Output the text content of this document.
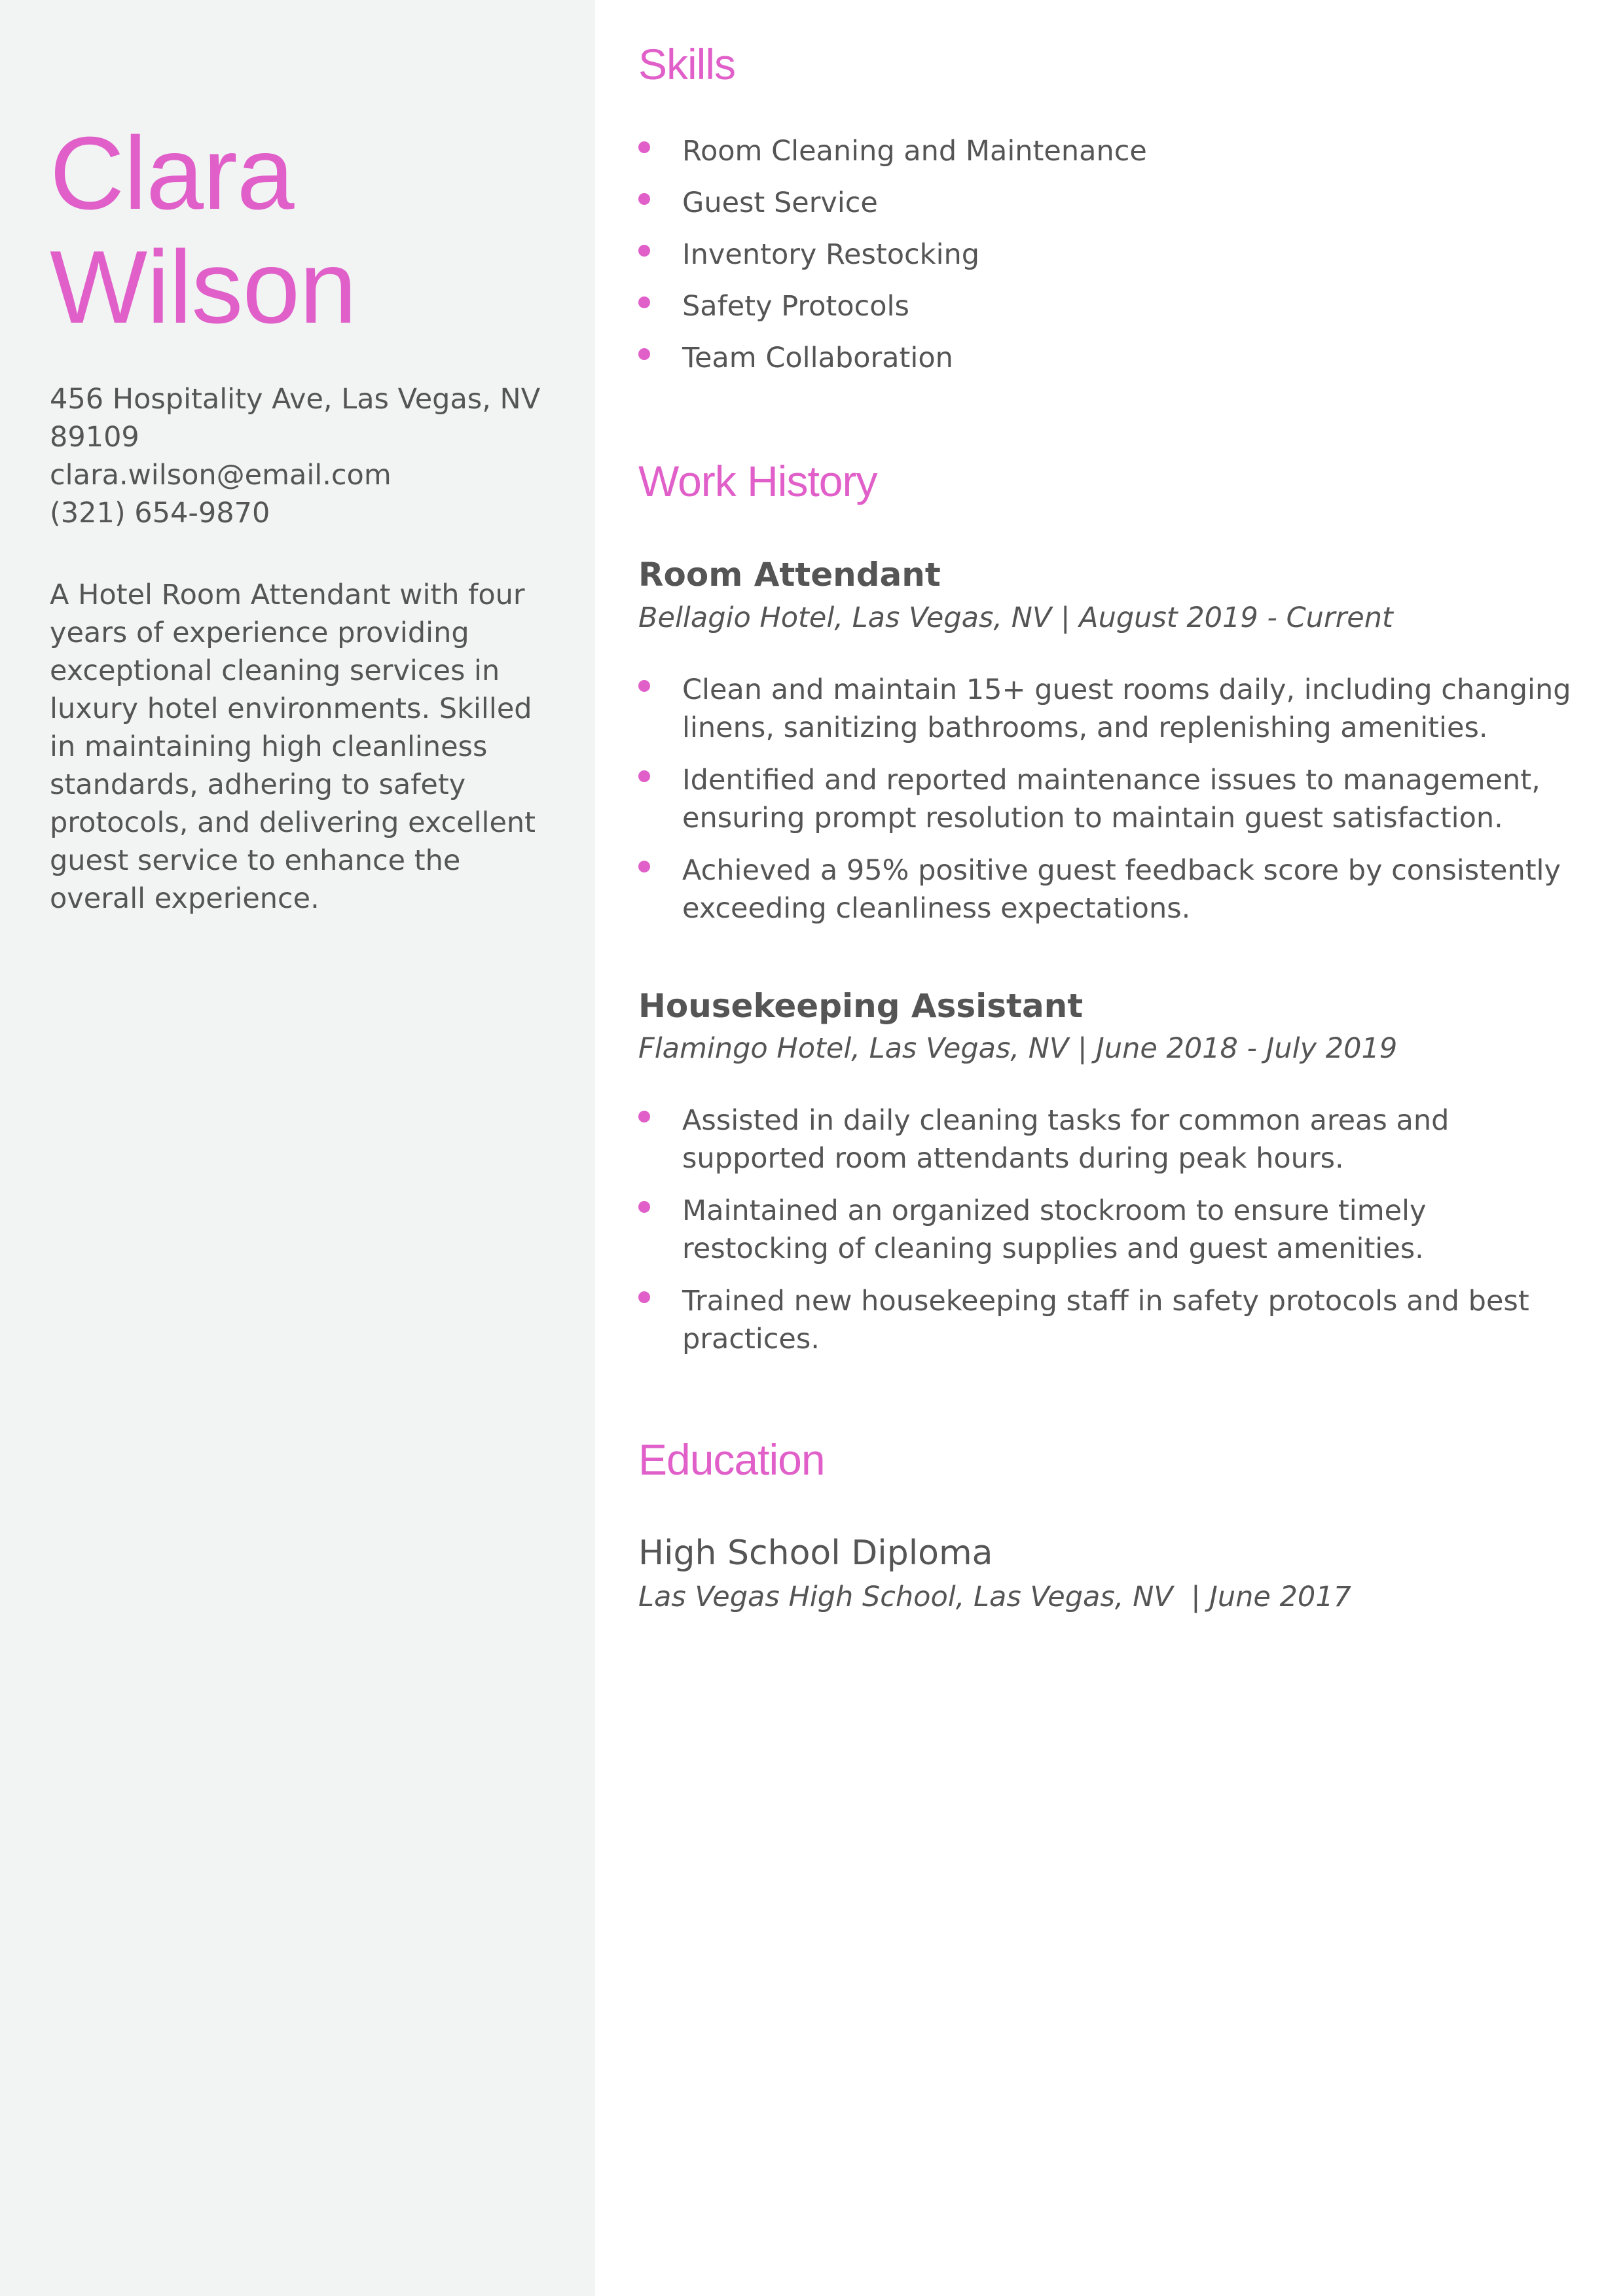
Clara
Wilson
456 Hospitality Ave, Las Vegas, NV
89109
clara.wilson@email.com
(321) 654-9870

A Hotel Room Attendant with four years of experience providing exceptional cleaning services in luxury hotel environments. Skilled in maintaining high cleanliness standards, adhering to safety protocols, and delivering excellent guest service to enhance the overall experience.

Skills
Room Cleaning and Maintenance
Guest Service
Inventory Restocking
Safety Protocols
Team Collaboration
Work History
Room Attendant

Bellagio Hotel, Las Vegas, NV | August 2019 - Current

Clean and maintain 15+ guest rooms daily, including changing linens, sanitizing bathrooms, and replenishing amenities.
Identified and reported maintenance issues to management, ensuring prompt resolution to maintain guest satisfaction.
Achieved a 95% positive guest feedback score by consistently exceeding cleanliness expectations.
Housekeeping Assistant

Flamingo Hotel, Las Vegas, NV | June 2018 - July 2019

Assisted in daily cleaning tasks for common areas and supported room attendants during peak hours.
Maintained an organized stockroom to ensure timely restocking of cleaning supplies and guest amenities.
Trained new housekeeping staff in safety protocols and best practices.
Education

High School Diploma

Las Vegas High School, Las Vegas, NV  | June 2017
